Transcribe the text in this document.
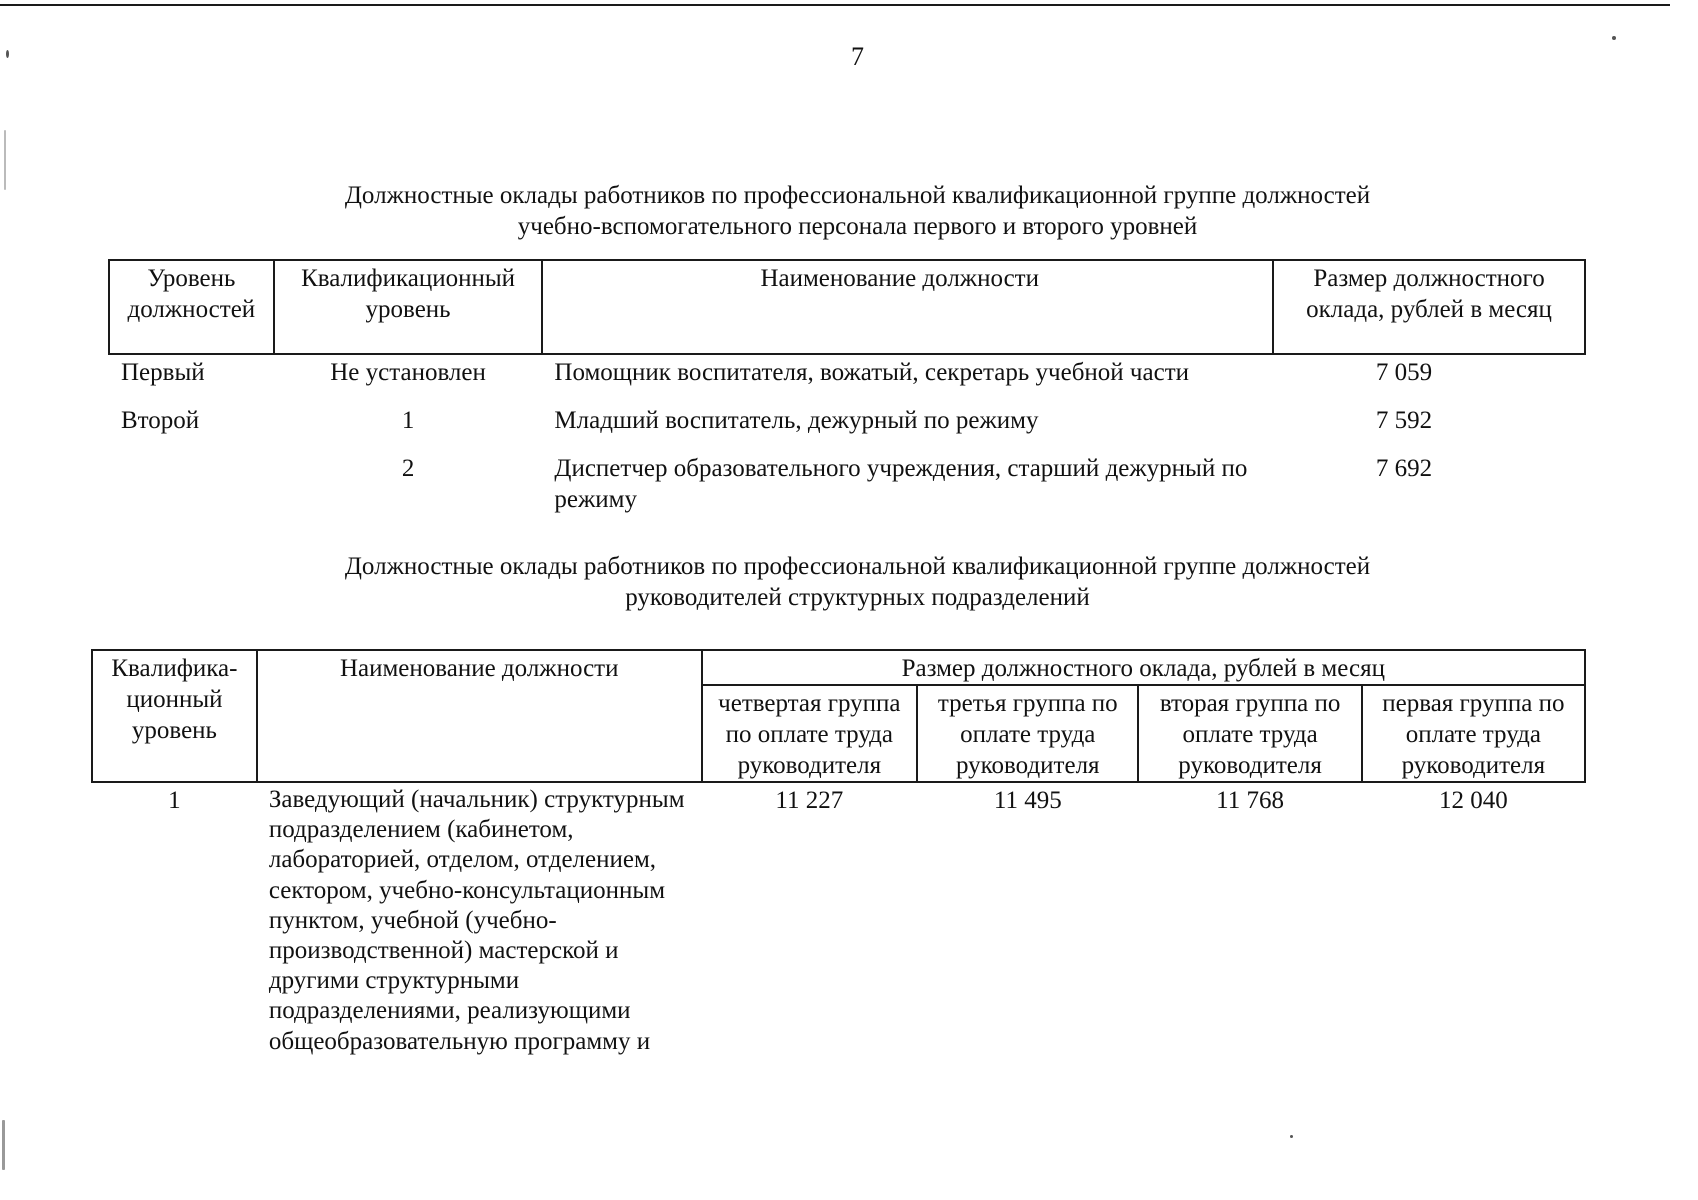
7
Должностные оклады работников по профессиональной квалификационной группе должностей
учебно-вспомогательного персонала первого и второго уровней
Уровень должностей	Квалификационный уровень	Наименование должности	Размер должностного оклада, рублей в месяц
Первый	Не установлен	Помощник воспитателя, вожатый, секретарь учебной части	7 059
Второй	1	Младший воспитатель, дежурный по режиму	7 592
	2	Диспетчер образовательного учреждения, старший дежурный по режиму	7 692
Должностные оклады работников по профессиональной квалификационной группе должностей
руководителей структурных подразделений
Квалифика- ционный уровень	Наименование должности	Размер должностного оклада, рублей в месяц			
		четвертая группа по оплате труда руководителя	третья группа по оплате труда руководителя	вторая группа по оплате труда руководителя	первая группа по оплате труда руководителя
1	Заведующий (начальник) структурным подразделением (кабинетом, лабораторией, отделом, отделением, сектором, учебно-консультационным пунктом, учебной (учебно-производственной) мастерской и другими структурными подразделениями, реализующими общеобразовательную программу и	11 227	11 495	11 768	12 040
